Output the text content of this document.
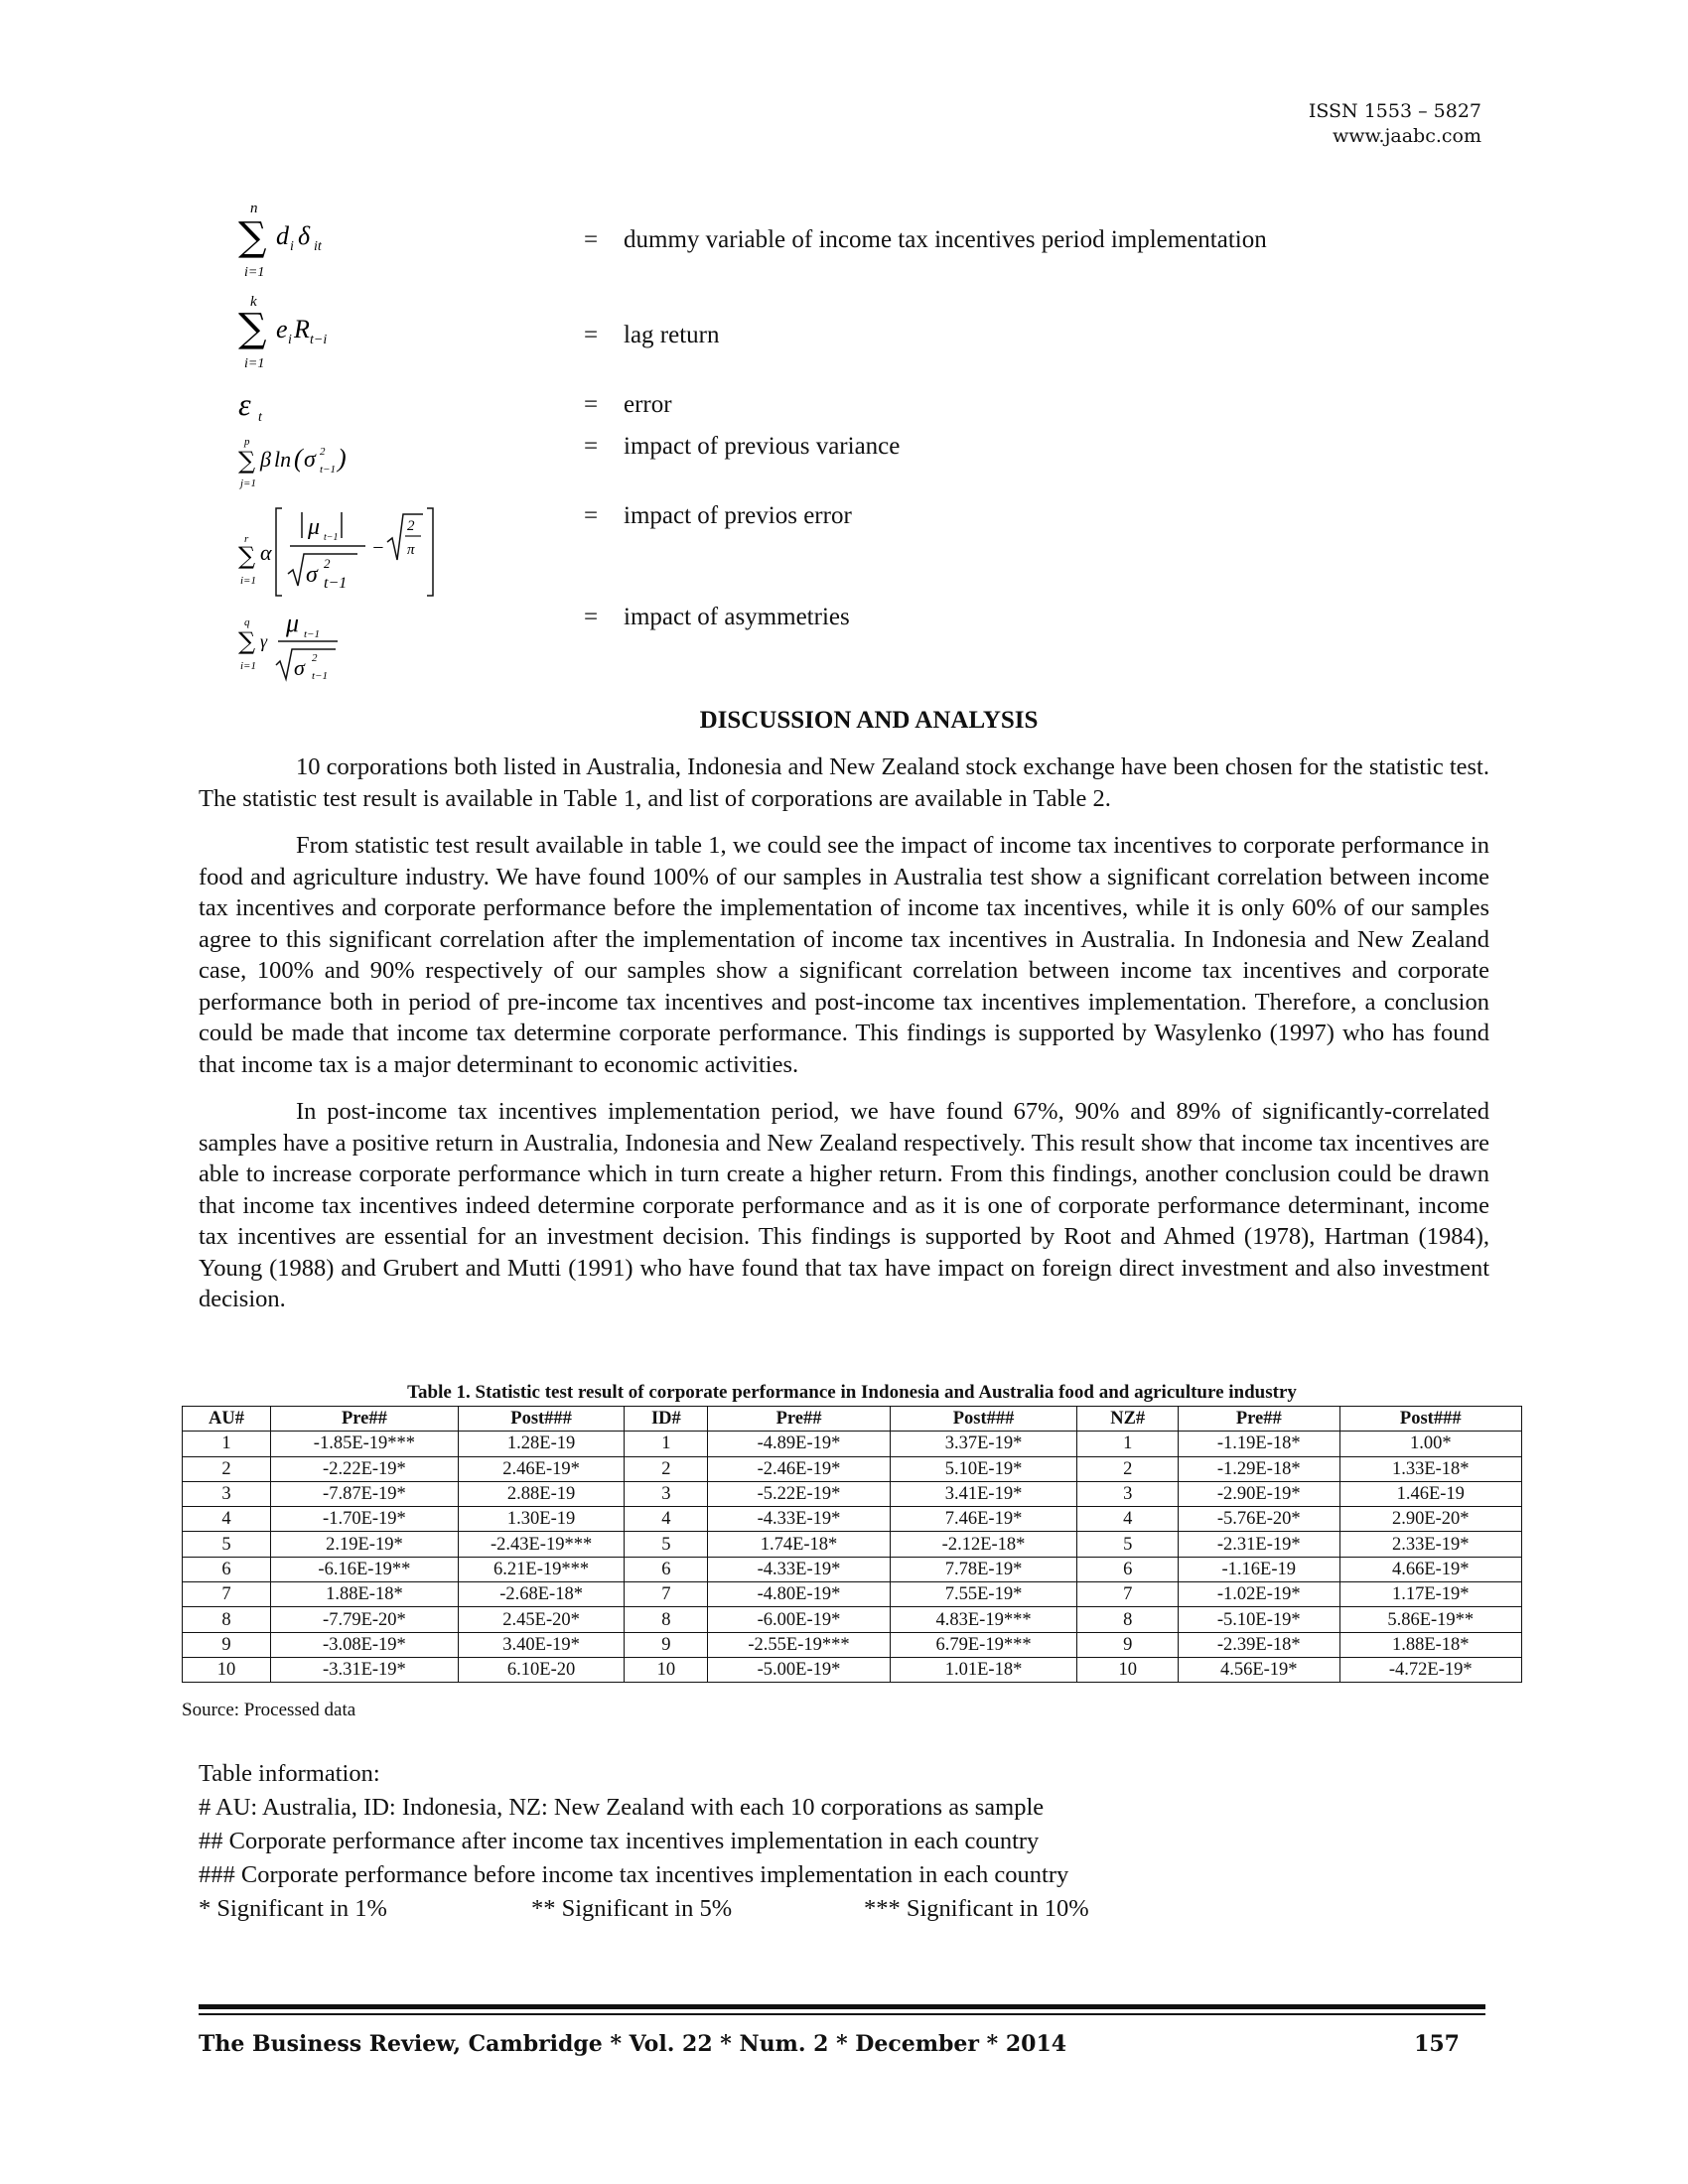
ISSN 1553 – 5827
www.jaabc.com
n
∑ d i δ it
i=1
= dummy variable of income tax incentives period implementation
k
∑ e i R t−i
i=1
= lag return
ε t	= error
p
∑ β ln ( σ 2
t−1 )
j=1
= impact of previous variance
r
∑
i=1
α
μ t−1
σ 2
t−1
−
2
π
= impact of previos error
q
∑
i=1
γ
μ t−1
σ 2
t−1
= impact of asymmetries
DISCUSSION AND ANALYSIS

10 corporations both listed in Australia, Indonesia and New Zealand stock exchange have been chosen for the statistic test. The statistic test result is available in Table 1, and list of corporations are available in Table 2.

From statistic test result available in table 1, we could see the impact of income tax incentives to corporate performance in food and agriculture industry. We have found 100% of our samples in Australia test show a significant correlation between income tax incentives and corporate performance before the implementation of income tax incentives, while it is only 60% of our samples agree to this significant correlation after the implementation of income tax incentives in Australia. In Indonesia and New Zealand case, 100% and 90% respectively of our samples show a significant correlation between income tax incentives and corporate performance both in period of pre-income tax incentives and post-income tax incentives implementation. Therefore, a conclusion could be made that income tax determine corporate performance. This findings is supported by Wasylenko (1997) who has found that income tax is a major determinant to economic activities.

In post-income tax incentives implementation period, we have found 67%, 90% and 89% of significantly-correlated samples have a positive return in Australia, Indonesia and New Zealand respectively. This result show that income tax incentives are able to increase corporate performance which in turn create a higher return. From this findings, another conclusion could be drawn that income tax incentives indeed determine corporate performance and as it is one of corporate performance determinant, income tax incentives are essential for an investment decision. This findings is supported by Root and Ahmed (1978), Hartman (1984), Young (1988) and Grubert and Mutti (1991) who have found that tax have impact on foreign direct investment and also investment decision.

Table 1. Statistic test result of corporate performance in Indonesia and Australia food and agriculture industry
AU#	Pre##	Post###	ID#	Pre##	Post###	NZ#	Pre##	Post###
1	-1.85E-19***	1.28E-19	1	-4.89E-19*	3.37E-19*	1	-1.19E-18*	1.00*
2	-2.22E-19*	2.46E-19*	2	-2.46E-19*	5.10E-19*	2	-1.29E-18*	1.33E-18*
3	-7.87E-19*	2.88E-19	3	-5.22E-19*	3.41E-19*	3	-2.90E-19*	1.46E-19
4	-1.70E-19*	1.30E-19	4	-4.33E-19*	7.46E-19*	4	-5.76E-20*	2.90E-20*
5	2.19E-19*	-2.43E-19***	5	1.74E-18*	-2.12E-18*	5	-2.31E-19*	2.33E-19*
6	-6.16E-19**	6.21E-19***	6	-4.33E-19*	7.78E-19*	6	-1.16E-19	4.66E-19*
7	1.88E-18*	-2.68E-18*	7	-4.80E-19*	7.55E-19*	7	-1.02E-19*	1.17E-19*
8	-7.79E-20*	2.45E-20*	8	-6.00E-19*	4.83E-19***	8	-5.10E-19*	5.86E-19**
9	-3.08E-19*	3.40E-19*	9	-2.55E-19***	6.79E-19***	9	-2.39E-18*	1.88E-18*
10	-3.31E-19*	6.10E-20	10	-5.00E-19*	1.01E-18*	10	4.56E-19*	-4.72E-19*
Source: Processed data
Table information:
# AU: Australia, ID: Indonesia, NZ: New Zealand with each 10 corporations as sample
## Corporate performance after income tax incentives implementation in each country
### Corporate performance before income tax incentives implementation in each country
* Significant in 1%	** Significant in 5%	*** Significant in 10%
The Business Review, Cambridge * Vol. 22 * Num. 2 * December * 2014	157
